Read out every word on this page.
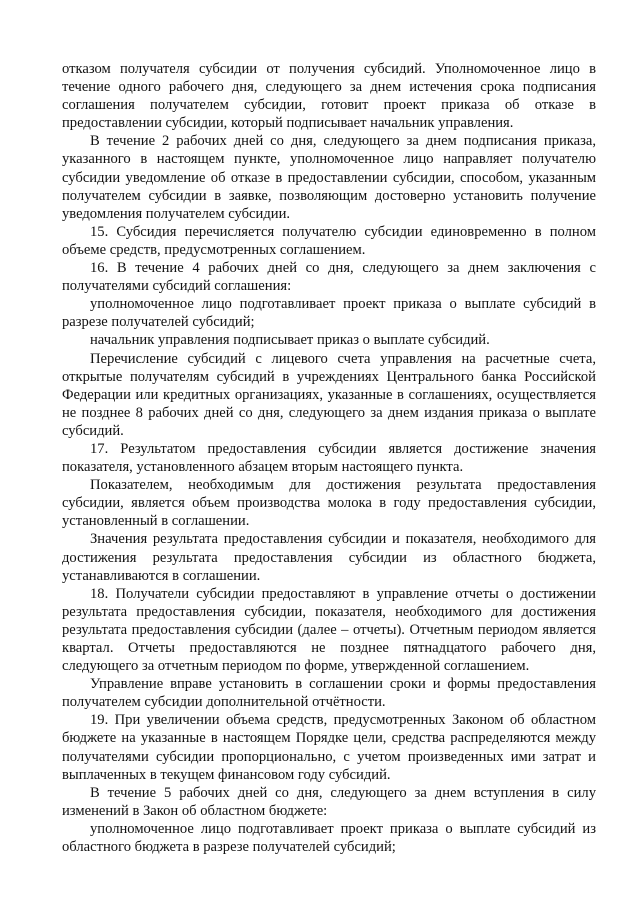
отказом получателя субсидии от получения субсидий. Уполномоченное лицо в течение одного рабочего дня, следующего за днем истечения срока подписания соглашения получателем субсидии, готовит проект приказа об отказе в предоставлении субсидии, который подписывает начальник управления.

В течение 2 рабочих дней со дня, следующего за днем подписания приказа, указанного в настоящем пункте, уполномоченное лицо направляет получателю субсидии уведомление об отказе в предоставлении субсидии, способом, указанным получателем субсидии в заявке, позволяющим достоверно установить получение уведомления получателем субсидии.

15. Субсидия перечисляется получателю субсидии единовременно в полном объеме средств, предусмотренных соглашением.

16. В течение 4 рабочих дней со дня, следующего за днем заключения с получателями субсидий соглашения:

уполномоченное лицо подготавливает проект приказа о выплате субсидий в разрезе получателей субсидий;

начальник управления подписывает приказ о выплате субсидий.

Перечисление субсидий с лицевого счета управления на расчетные счета, открытые получателям субсидий в учреждениях Центрального банка Российской Федерации или кредитных организациях, указанные в соглашениях, осуществляется не позднее 8 рабочих дней со дня, следующего за днем издания приказа о выплате субсидий.

17. Результатом предоставления субсидии является достижение значения показателя, установленного абзацем вторым настоящего пункта.

Показателем, необходимым для достижения результата предоставления субсидии, является объем производства молока в году предоставления субсидии, установленный в соглашении.

Значения результата предоставления субсидии и показателя, необходимого для достижения результата предоставления субсидии из областного бюджета, устанавливаются в соглашении.

18. Получатели субсидии предоставляют в управление отчеты о достижении результата предоставления субсидии, показателя, необходимого для достижения результата предоставления субсидии (далее – отчеты). Отчетным периодом является квартал. Отчеты предоставляются не позднее пятнадцатого рабочего дня, следующего за отчетным периодом по форме, утвержденной соглашением.

Управление вправе установить в соглашении сроки и формы предоставления получателем субсидии дополнительной отчётности.

19. При увеличении объема средств, предусмотренных Законом об областном бюджете на указанные в настоящем Порядке цели, средства распределяются между получателями субсидии пропорционально, с учетом произведенных ими затрат и выплаченных в текущем финансовом году субсидий.

В течение 5 рабочих дней со дня, следующего за днем вступления в силу изменений в Закон об областном бюджете:

уполномоченное лицо подготавливает проект приказа о выплате субсидий из областного бюджета в разрезе получателей субсидий;
